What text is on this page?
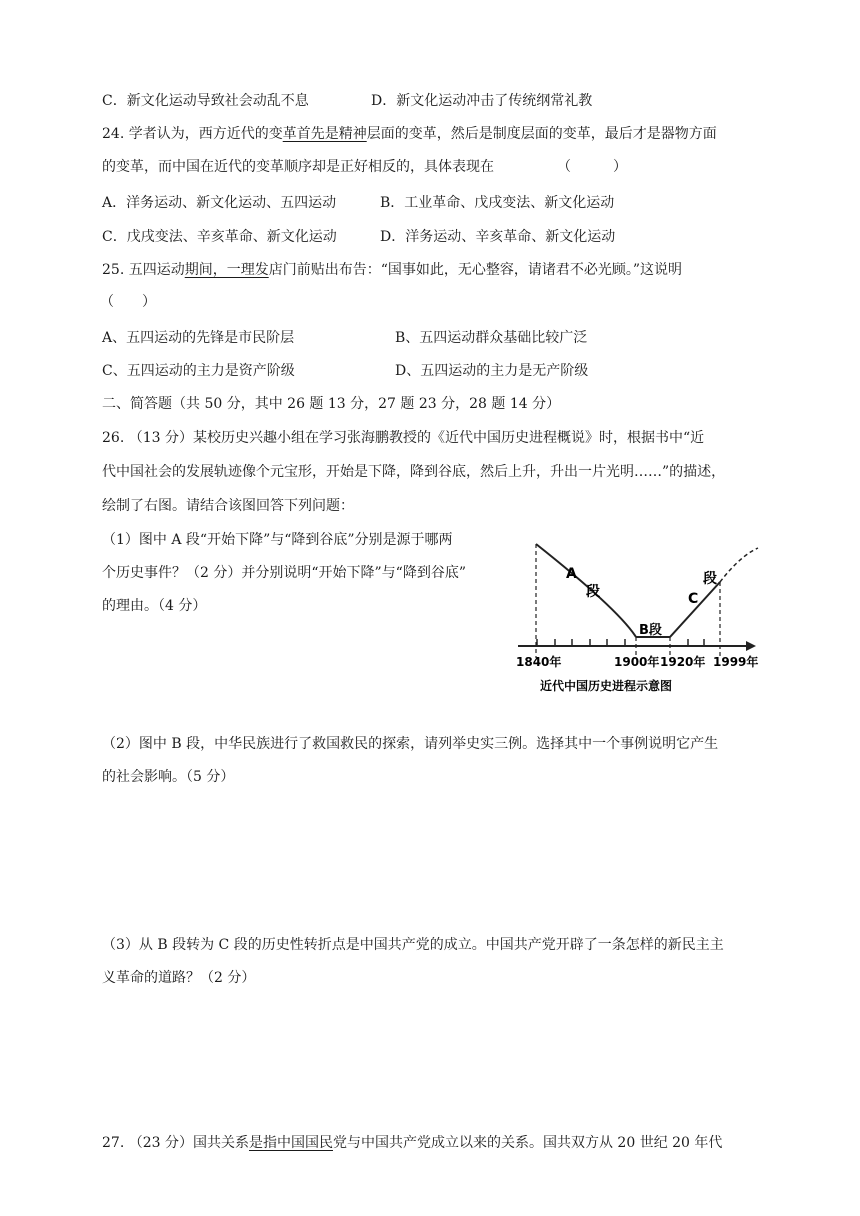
C．新文化运动导致社会动乱不息	D．新文化运动冲击了传统纲常礼教
24. 学者认为，西方近代的变革首先是精神层面的变革，然后是制度层面的变革，最后才是器物方面
的变革，而中国在近代的变革顺序却是正好相反的，具体表现在　　　　　（　　　）
A．洋务运动、新文化运动、五四运动	B．工业革命、戊戌变法、新文化运动
C．戊戌变法、辛亥革命、新文化运动	D．洋务运动、辛亥革命、新文化运动
25. 五四运动期间，一理发店门前贴出布告：“国事如此，无心整容，请诸君不必光顾。”这说明
（　　）
A、五四运动的先锋是市民阶层	B、五四运动群众基础比较广泛
C、五四运动的主力是资产阶级	D、五四运动的主力是无产阶级
二、简答题（共 50 分，其中 26 题 13 分，27 题 23 分，28 题 14 分）
26. （13 分）某校历史兴趣小组在学习张海鹏教授的《近代中国历史进程概说》时，根据书中“近
代中国社会的发展轨迹像个元宝形，开始是下降，降到谷底，然后上升，升出一片光明……”的描述，
绘制了右图。请结合该图回答下列问题：
（1）图中 A 段“开始下降”与“降到谷底”分别是源于哪两
个历史事件？（2 分）并分别说明“开始下降”与“降到谷底”
的理由。（4 分）
A
段
B段
C
段
1840年	1900年 1920年 1999年
近代中国历史进程示意图
（2）图中 B 段，中华民族进行了救国救民的探索，请列举史实三例。选择其中一个事例说明它产生
的社会影响。（5 分）
（3）从 B 段转为 C 段的历史性转折点是中国共产党的成立。中国共产党开辟了一条怎样的新民主主
义革命的道路？（2 分）
27. （23 分）国共关系是指中国国民党与中国共产党成立以来的关系。国共双方从 20 世纪 20 年代
